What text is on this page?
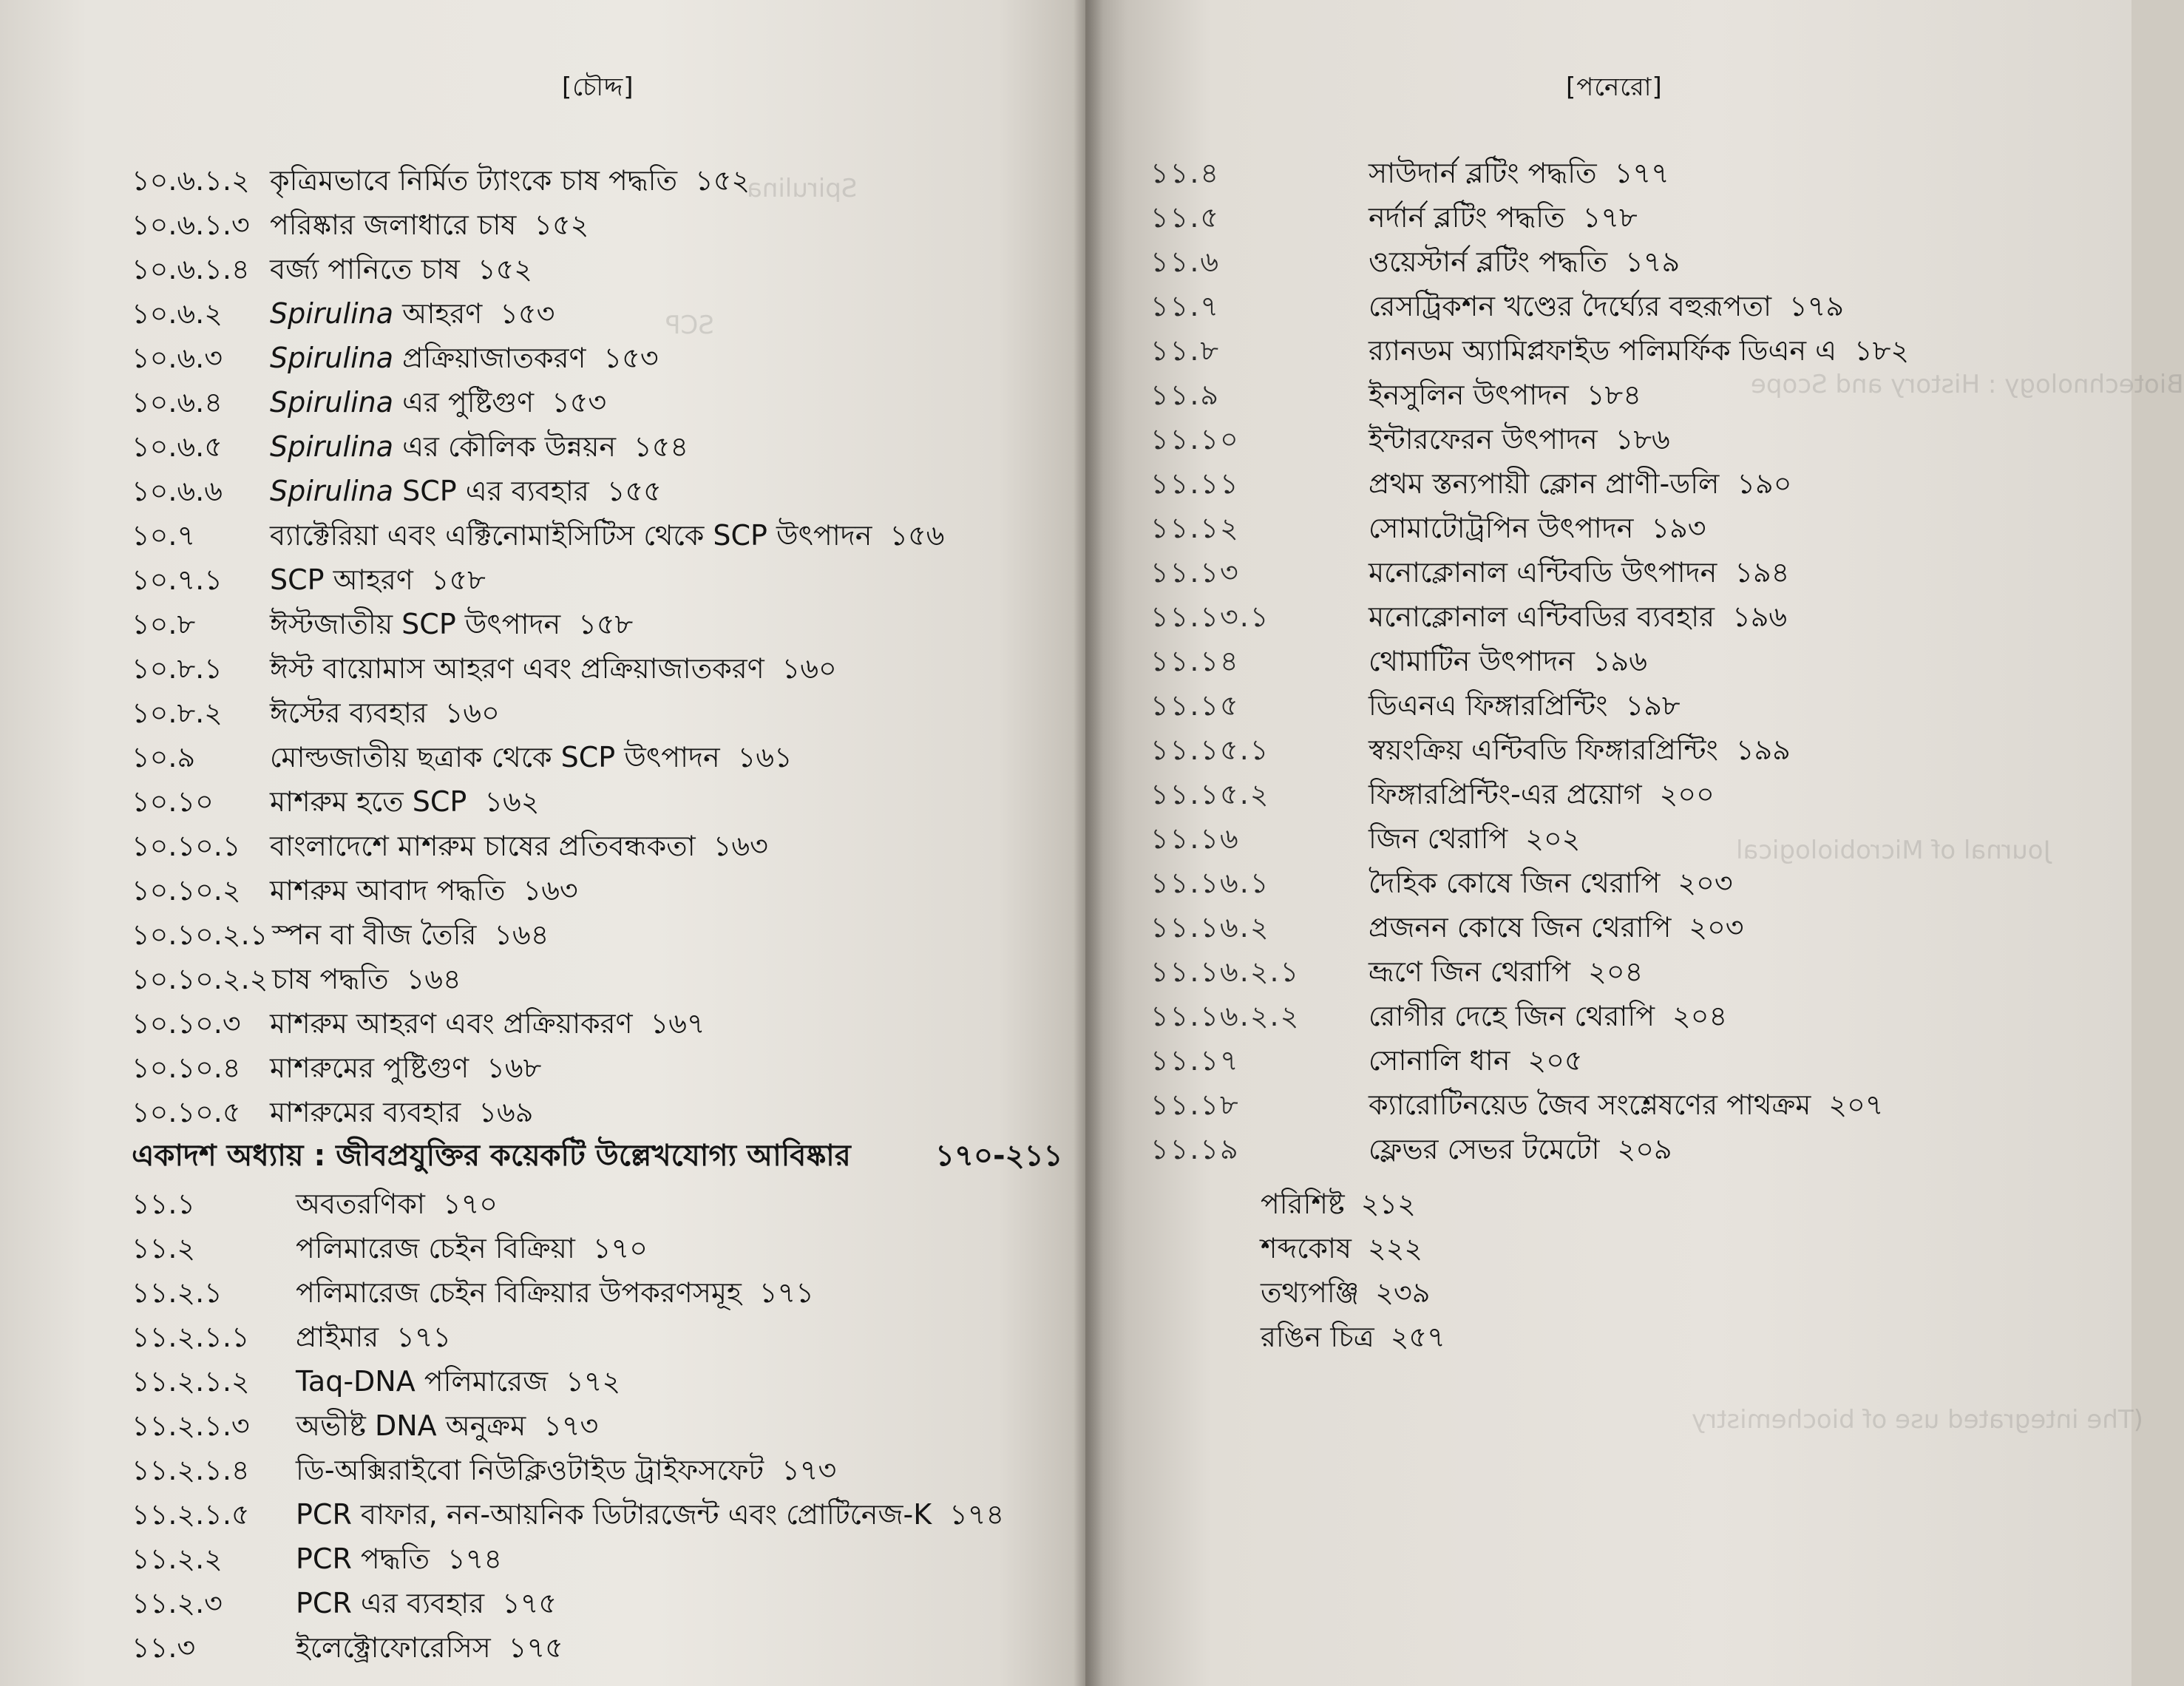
[চৌদ্দ]
Spirulina
SCP
১০.৬.১.২ কৃত্রিমভাবে নির্মিত ট্যাংকে চাষ পদ্ধতি ১৫২
১০.৬.১.৩ পরিষ্কার জলাধারে চাষ ১৫২
১০.৬.১.৪ বর্জ্য পানিতে চাষ ১৫২
১০.৬.২ Spirulina আহরণ ১৫৩
১০.৬.৩ Spirulina প্রক্রিয়াজাতকরণ ১৫৩
১০.৬.৪ Spirulina এর পুষ্টিগুণ ১৫৩
১০.৬.৫ Spirulina এর কৌলিক উন্নয়ন ১৫৪
১০.৬.৬ Spirulina SCP এর ব্যবহার ১৫৫
১০.৭	ব্যাক্টেরিয়া এবং এক্টিনোমাইসিটিস থেকে SCP উৎপাদন ১৫৬
১০.৭.১ SCP আহরণ ১৫৮
১০.৮	ঈস্টজাতীয় SCP উৎপাদন ১৫৮
১০.৮.১ ঈস্ট বায়োমাস আহরণ এবং প্রক্রিয়াজাতকরণ ১৬০
১০.৮.২ ঈস্টের ব্যবহার ১৬০
১০.৯	মোল্ডজাতীয় ছত্রাক থেকে SCP উৎপাদন ১৬১
১০.১০ মাশরুম হতে SCP ১৬২
১০.১০.১ বাংলাদেশে মাশরুম চাষের প্রতিবন্ধকতা ১৬৩
১০.১০.২ মাশরুম আবাদ পদ্ধতি ১৬৩
১০.১০.২.১ স্পন বা বীজ তৈরি ১৬৪
১০.১০.২.২ চাষ পদ্ধতি ১৬৪
১০.১০.৩ মাশরুম আহরণ এবং প্রক্রিয়াকরণ ১৬৭
১০.১০.৪ মাশরুমের পুষ্টিগুণ ১৬৮
১০.১০.৫ মাশরুমের ব্যবহার ১৬৯
একাদশ অধ্যায় : জীবপ্রযুক্তির কয়েকটি উল্লেখযোগ্য আবিষ্কার	১৭০-২১১
১১.১	অবতরণিকা ১৭০
১১.২	পলিমারেজ চেইন বিক্রিয়া ১৭০
১১.২.১	পলিমারেজ চেইন বিক্রিয়ার উপকরণসমূহ ১৭১
১১.২.১.১ প্রাইমার ১৭১
১১.২.১.২ Taq-DNA পলিমারেজ ১৭২
১১.২.১.৩ অভীষ্ট DNA অনুক্রম ১৭৩
১১.২.১.৪ ডি-অক্সিরাইবো নিউক্লিওটাইড ট্রাইফসফেট ১৭৩
১১.২.১.৫ PCR বাফার, নন-আয়নিক ডিটারজেন্ট এবং প্রোটিনেজ-K ১৭৪
১১.২.২	PCR পদ্ধতি ১৭৪
১১.২.৩	PCR এর ব্যবহার ১৭৫
১১.৩	ইলেক্ট্রোফোরেসিস ১৭৫
[পনেরো]
Biotechnology : History and Scope
Journal of Microbiological
(The integrated use of biochemistry
১১.৪	সাউদার্ন ব্লটিং পদ্ধতি ১৭৭
১১.৫	নর্দার্ন ব্লটিং পদ্ধতি ১৭৮
১১.৬	ওয়েস্টার্ন ব্লটিং পদ্ধতি ১৭৯
১১.৭	রেসট্রিকশন খণ্ডের দৈর্ঘ্যের বহুরূপতা ১৭৯
১১.৮	র‍্যানডম অ্যামিপ্লফাইড পলিমর্ফিক ডিএন এ ১৮২
১১.৯	ইনসুলিন উৎপাদন ১৮৪
১১.১০	ইন্টারফেরন উৎপাদন ১৮৬
১১.১১	প্রথম স্তন্যপায়ী ক্লোন প্রাণী-ডলি ১৯০
১১.১২	সোমাটোট্রপিন উৎপাদন ১৯৩
১১.১৩	মনোক্লোনাল এন্টিবডি উৎপাদন ১৯৪
১১.১৩.১	মনোক্লোনাল এন্টিবডির ব্যবহার ১৯৬
১১.১৪	থোমাটিন উৎপাদন ১৯৬
১১.১৫	ডিএনএ ফিঙ্গারপ্রিন্টিং ১৯৮
১১.১৫.১	স্বয়ংক্রিয় এন্টিবডি ফিঙ্গারপ্রিন্টিং ১৯৯
১১.১৫.২	ফিঙ্গারপ্রিন্টিং-এর প্রয়োগ ২০০
১১.১৬	জিন থেরাপি ২০২
১১.১৬.১	দৈহিক কোষে জিন থেরাপি ২০৩
১১.১৬.২	প্রজনন কোষে জিন থেরাপি ২০৩
১১.১৬.২.১ ভ্রূণে জিন থেরাপি ২০৪
১১.১৬.২.২ রোগীর দেহে জিন থেরাপি ২০৪
১১.১৭	সোনালি ধান ২০৫
১১.১৮	ক্যারোটিনয়েড জৈব সংশ্লেষণের পাথক্রম ২০৭
১১.১৯	ফ্লেভর সেভর টমেটো ২০৯
পরিশিষ্ট ২১২
শব্দকোষ ২২২
তথ্যপঞ্জি ২৩৯
রঙিন চিত্র ২৫৭
